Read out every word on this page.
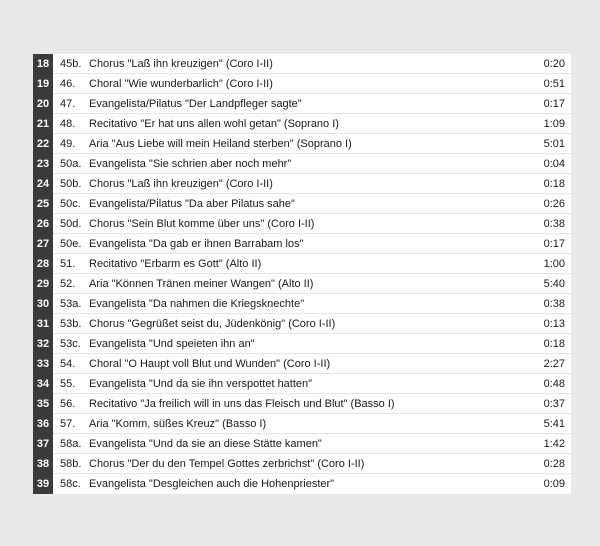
18 45b. Chorus "Laß ihn kreuzigen" (Coro I-II)	0:20
19 46.	Choral "Wie wunderbarlich" (Coro I-II)	0:51
20 47.	Evangelista/Pilatus "Der Landpfleger sagte"	0:17
21 48.	Recitativo "Er hat uns allen wohl getan" (Soprano I)	1:09
22 49.	Aria "Aus Liebe will mein Heiland sterben" (Soprano I)	5:01
23 50a. Evangelista "Sie schrien aber noch mehr"	0:04
24 50b. Chorus "Laß ihn kreuzigen" (Coro I-II)	0:18
25 50c. Evangelista/Pilatus "Da aber Pilatus sahe"	0:26
26 50d. Chorus "Sein Blut komme über uns" (Coro I-II)	0:38
27 50e. Evangelista "Da gab er ihnen Barrabam los"	0:17
28 51.	Recitativo "Erbarm es Gott" (Alto II)	1:00
29 52.	Aria "Können Tränen meiner Wangen" (Alto II)	5:40
30 53a. Evangelista "Da nahmen die Kriegsknechte"	0:38
31 53b. Chorus "Gegrüßet seist du, Jüdenkönig" (Coro I-II)	0:13
32 53c. Evangelista "Und speieten ihn an"	0:18
33 54.	Choral "O Haupt voll Blut und Wunden" (Coro I-II)	2:27
34 55.	Evangelista "Und da sie ihn verspottet hatten"	0:48
35 56.	Recitativo "Ja freilich will in uns das Fleisch und Blut" (Basso I)	0:37
36 57.	Aria "Komm, süßes Kreuz" (Basso I)	5:41
37 58a. Evangelista "Und da sie an diese Stätte kamen"	1:42
38 58b. Chorus "Der du den Tempel Gottes zerbrichst" (Coro I-II)	0:28
39 58c. Evangelista "Desgleichen auch die Hohenpriester"	0:09
